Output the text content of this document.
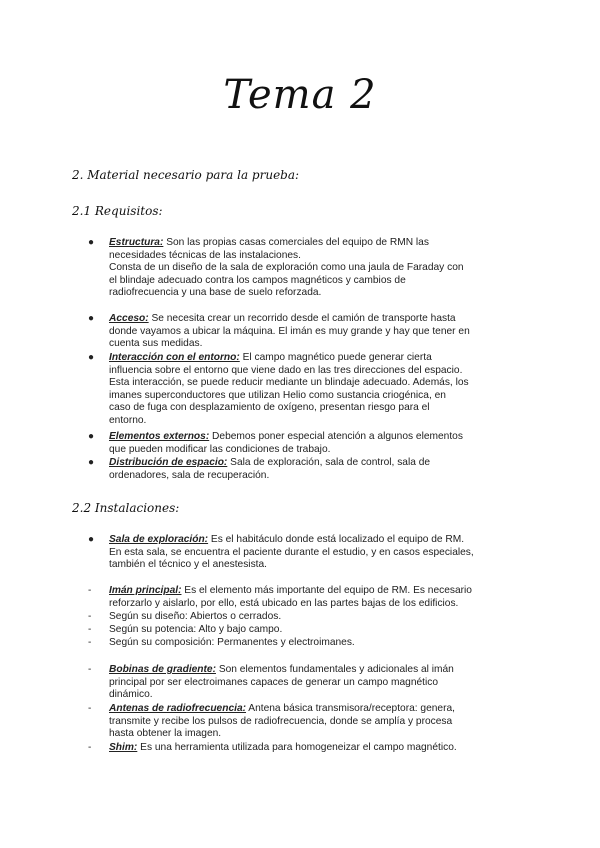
Tema 2
2. Material necesario para la prueba:
2.1 Requisitos:
●	Estructura: Son las propias casas comerciales del equipo de RMN las
necesidades técnicas de las instalaciones.
Consta de un diseño de la sala de exploración como una jaula de Faraday con
el blindaje adecuado contra los campos magnéticos y cambios de
radiofrecuencia y una base de suelo reforzada.
●	Acceso: Se necesita crear un recorrido desde el camión de transporte hasta
donde vayamos a ubicar la máquina. El imán es muy grande y hay que tener en
cuenta sus medidas.
●	Interacción con el entorno: El campo magnético puede generar cierta
influencia sobre el entorno que viene dado en las tres direcciones del espacio.
Esta interacción, se puede reducir mediante un blindaje adecuado. Además, los
imanes superconductores que utilizan Helio como sustancia criogénica, en
caso de fuga con desplazamiento de oxígeno, presentan riesgo para el
entorno.
●	Elementos externos: Debemos poner especial atención a algunos elementos
que pueden modificar las condiciones de trabajo.
●	Distribución de espacio: Sala de exploración, sala de control, sala de
ordenadores, sala de recuperación.
2.2 Instalaciones:
●	Sala de exploración: Es el habitáculo donde está localizado el equipo de RM.
En esta sala, se encuentra el paciente durante el estudio, y en casos especiales,
también el técnico y el anestesista.
-	Imán principal: Es el elemento más importante del equipo de RM. Es necesario
reforzarlo y aislarlo, por ello, está ubicado en las partes bajas de los edificios.
-	Según su diseño: Abiertos o cerrados.
-	Según su potencia: Alto y bajo campo.
-	Según su composición: Permanentes y electroimanes.
-	Bobinas de gradiente: Son elementos fundamentales y adicionales al imán
principal por ser electroimanes capaces de generar un campo magnético
dinámico.
-	Antenas de radiofrecuencia: Antena básica transmisora/receptora: genera,
transmite y recibe los pulsos de radiofrecuencia, donde se amplía y procesa
hasta obtener la imagen.
-	Shim: Es una herramienta utilizada para homogeneizar el campo magnético.
